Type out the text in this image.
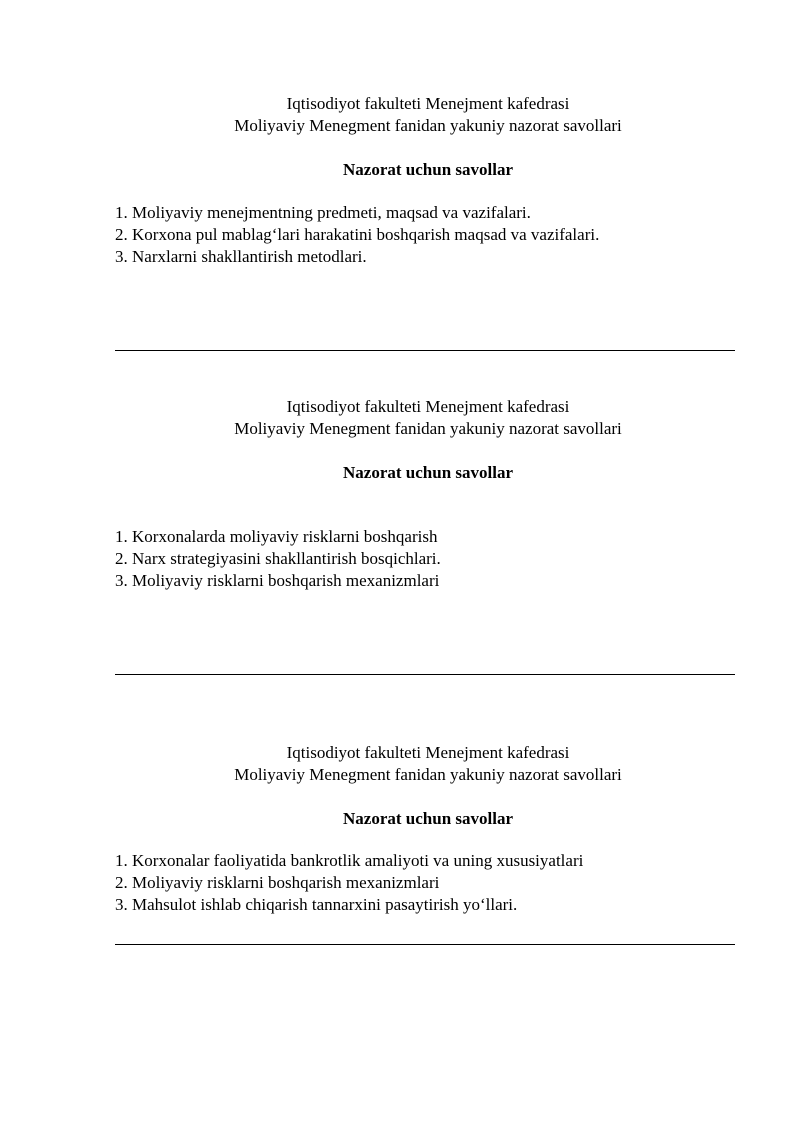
Iqtisodiyot fakulteti Menejment kafedrasi
Moliyaviy Menegment fanidan yakuniy nazorat savollari
Nazorat uchun savollar
1. Moliyaviy menejmentning predmeti, maqsad va vazifalari.
2. Korxona pul mablag‘lari harakatini boshqarish maqsad va vazifalari.
3. Narxlarni shakllantirish metodlari.
Iqtisodiyot fakulteti Menejment kafedrasi
Moliyaviy Menegment fanidan yakuniy nazorat savollari
Nazorat uchun savollar
1. Korxonalarda moliyaviy risklarni boshqarish
2. Narx strategiyasini shakllantirish bosqichlari.
3. Moliyaviy risklarni boshqarish mexanizmlari
Iqtisodiyot fakulteti Menejment kafedrasi
Moliyaviy Menegment fanidan yakuniy nazorat savollari
Nazorat uchun savollar
1. Korxonalar faoliyatida bankrotlik amaliyoti va uning xususiyatlari
2. Moliyaviy risklarni boshqarish mexanizmlari
3. Mahsulot ishlab chiqarish tannarxini pasaytirish yo‘llari.
